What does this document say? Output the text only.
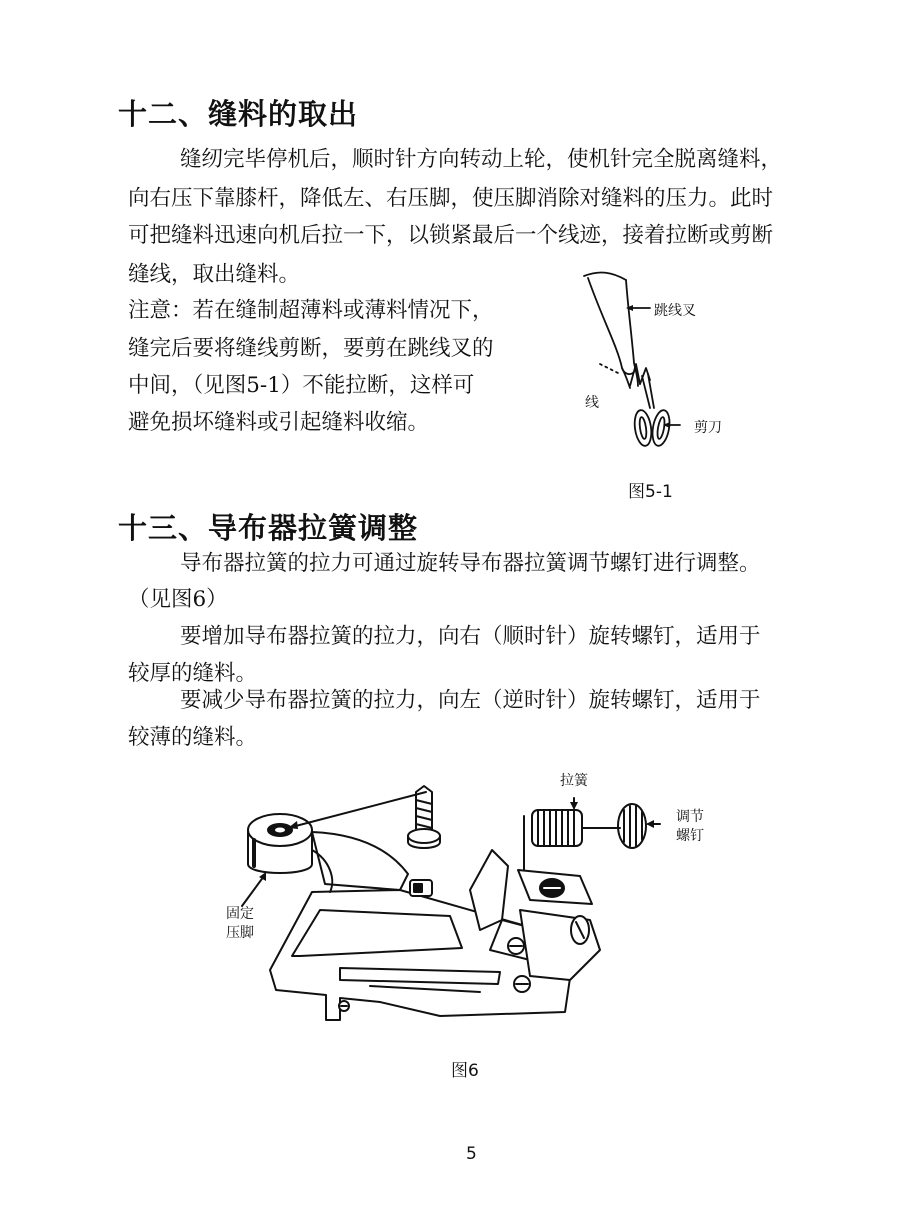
十二、缝料的取出
缝纫完毕停机后，顺时针方向转动上轮，使机针完全脱离缝料，
向右压下靠膝杆，降低左、右压脚，使压脚消除对缝料的压力。此时
可把缝料迅速向机后拉一下，以锁紧最后一个线迹，接着拉断或剪断
缝线，取出缝料。
注意：若在缝制超薄料或薄料情况下，
缝完后要将缝线剪断，要剪在跳线叉的
中间，（见图5-1）不能拉断，这样可
避免损坏缝料或引起缝料收缩。
跳线叉
线
剪刀
图5-1
十三、导布器拉簧调整
导布器拉簧的拉力可通过旋转导布器拉簧调节螺钉进行调整。
（见图6）
要增加导布器拉簧的拉力，向右（顺时针）旋转螺钉，适用于
较厚的缝料。
要减少导布器拉簧的拉力，向左（逆时针）旋转螺钉，适用于
较薄的缝料。
拉簧
调节
螺钉
固定
压脚
图6
5
